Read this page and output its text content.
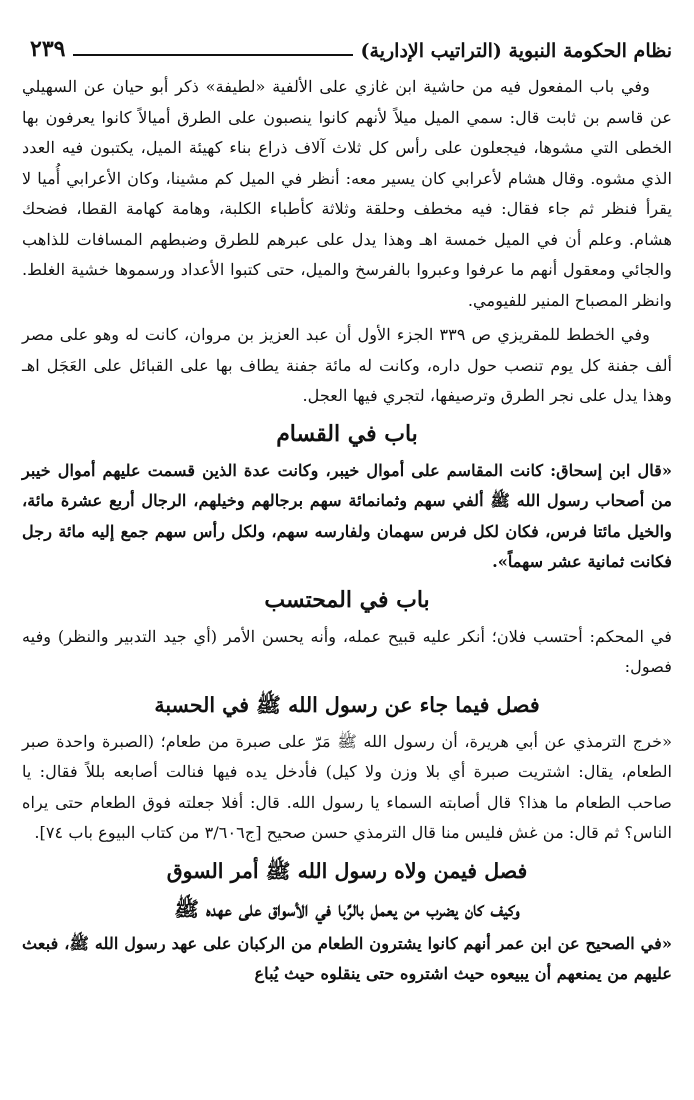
نظام الحكومة النبوية (التراتيب الإدارية)
٢٣٩

وفي باب المفعول فيه من حاشية ابن غازي على الألفية «لطيفة» ذكر أبو حيان عن السهيلي عن قاسم بن ثابت قال: سمي الميل ميلاً لأنهم كانوا ينصبون على الطرق أميالاً كانوا يعرفون بها الخطى التي مشوها، فيجعلون على رأس كل ثلاث آلاف ذراع بناء كهيئة الميل، يكتبون فيه العدد الذي مشوه. وقال هشام لأعرابي كان يسير معه: أنظر في الميل كم مشينا، وكان الأعرابي أُميا لا يقرأ فنظر ثم جاء فقال: فيه مخطف وحلقة وثلاثة كأطباء الكلبة، وهامة كهامة القطا، فضحك هشام. وعلم أن في الميل خمسة اهـ وهذا يدل على عبرهم للطرق وضبطهم المسافات للذاهب والجائي ومعقول أنهم ما عرفوا وعبروا بالفرسخ والميل، حتى كتبوا الأعداد ورسموها خشية الغلط. وانظر المصباح المنير للفيومي.

وفي الخطط للمقريزي ص ٣٣٩ الجزء الأول أن عبد العزيز بن مروان، كانت له وهو على مصر ألف جفنة كل يوم تنصب حول داره، وكانت له مائة جفنة يطاف بها على القبائل على العَجَل اهـ وهذا يدل على نجر الطرق وترصيفها، لتجري فيها العجل.

باب في القسام

«قال ابن إسحاق: كانت المقاسم على أموال خيبر، وكانت عدة الذين قسمت عليهم أموال خيبر من أصحاب رسول الله ﷺ ألفي سهم وثمانمائة سهم برجالهم وخيلهم، الرجال أربع عشرة مائة، والخيل مائتا فرس، فكان لكل فرس سهمان ولفارسه سهم، ولكل رأس سهم جمع إليه مائة رجل فكانت ثمانية عشر سهماً».

باب في المحتسب

في المحكم: أحتسب فلان؛ أنكر عليه قبيح عمله، وأنه يحسن الأمر (أي جيد التدبير والنظر) وفيه فصول:

فصل فيما جاء عن رسول الله ﷺ في الحسبة

«خرج الترمذي عن أبي هريرة، أن رسول الله ﷺ مَرّ على صبرة من طعام؛ (الصبرة واحدة صبر الطعام، يقال: اشتريت صبرة أي بلا وزن ولا كيل) فأدخل يده فيها فنالت أصابعه بللاً فقال: يا صاحب الطعام ما هذا؟ قال أصابته السماء يا رسول الله. قال: أفلا جعلته فوق الطعام حتى يراه الناس؟ ثم قال: من غش فليس منا قال الترمذي حسن صحيح [ج٣/٦٠٦ من كتاب البيوع باب ٧٤].

فصل فيمن ولاه رسول الله ﷺ أمر السوق
وكيف كان يضرب من يعمل بالرِّبا في الأسواق على عهده ﷺ

«في الصحيح عن ابن عمر أنهم كانوا يشترون الطعام من الركبان على عهد رسول الله ﷺ، فبعث عليهم من يمنعهم أن يبيعوه حيث اشتروه حتى ينقلوه حيث يُباع
